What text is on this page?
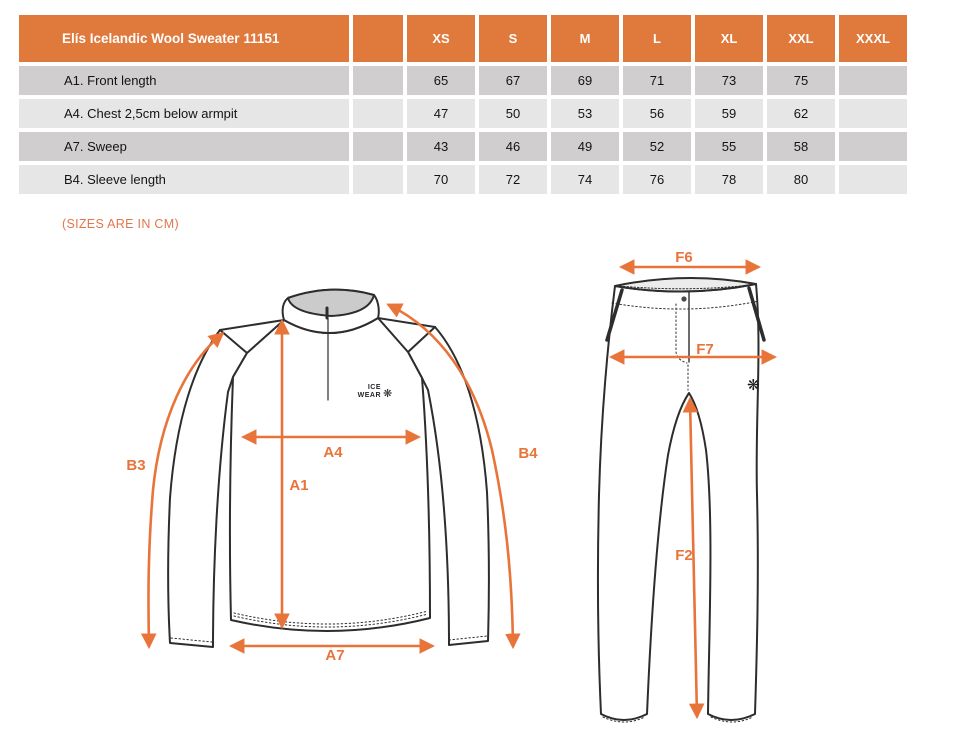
Elís Icelandic Wool Sweater 11151	XS	S	M	L	XL	XXL	XXXL
A1. Front length	65	67	69	71	73	75
A4. Chest 2,5cm below armpit	47	50	53	56	59	62
A7. Sweep	43	46	49	52	55	58
B4. Sleeve length	70	72	74	76	78	80
(SIZES ARE IN CM)
ICE
WEAR ❋	❋
B3
A4
A1
A7
B4
F6
F7
F2
